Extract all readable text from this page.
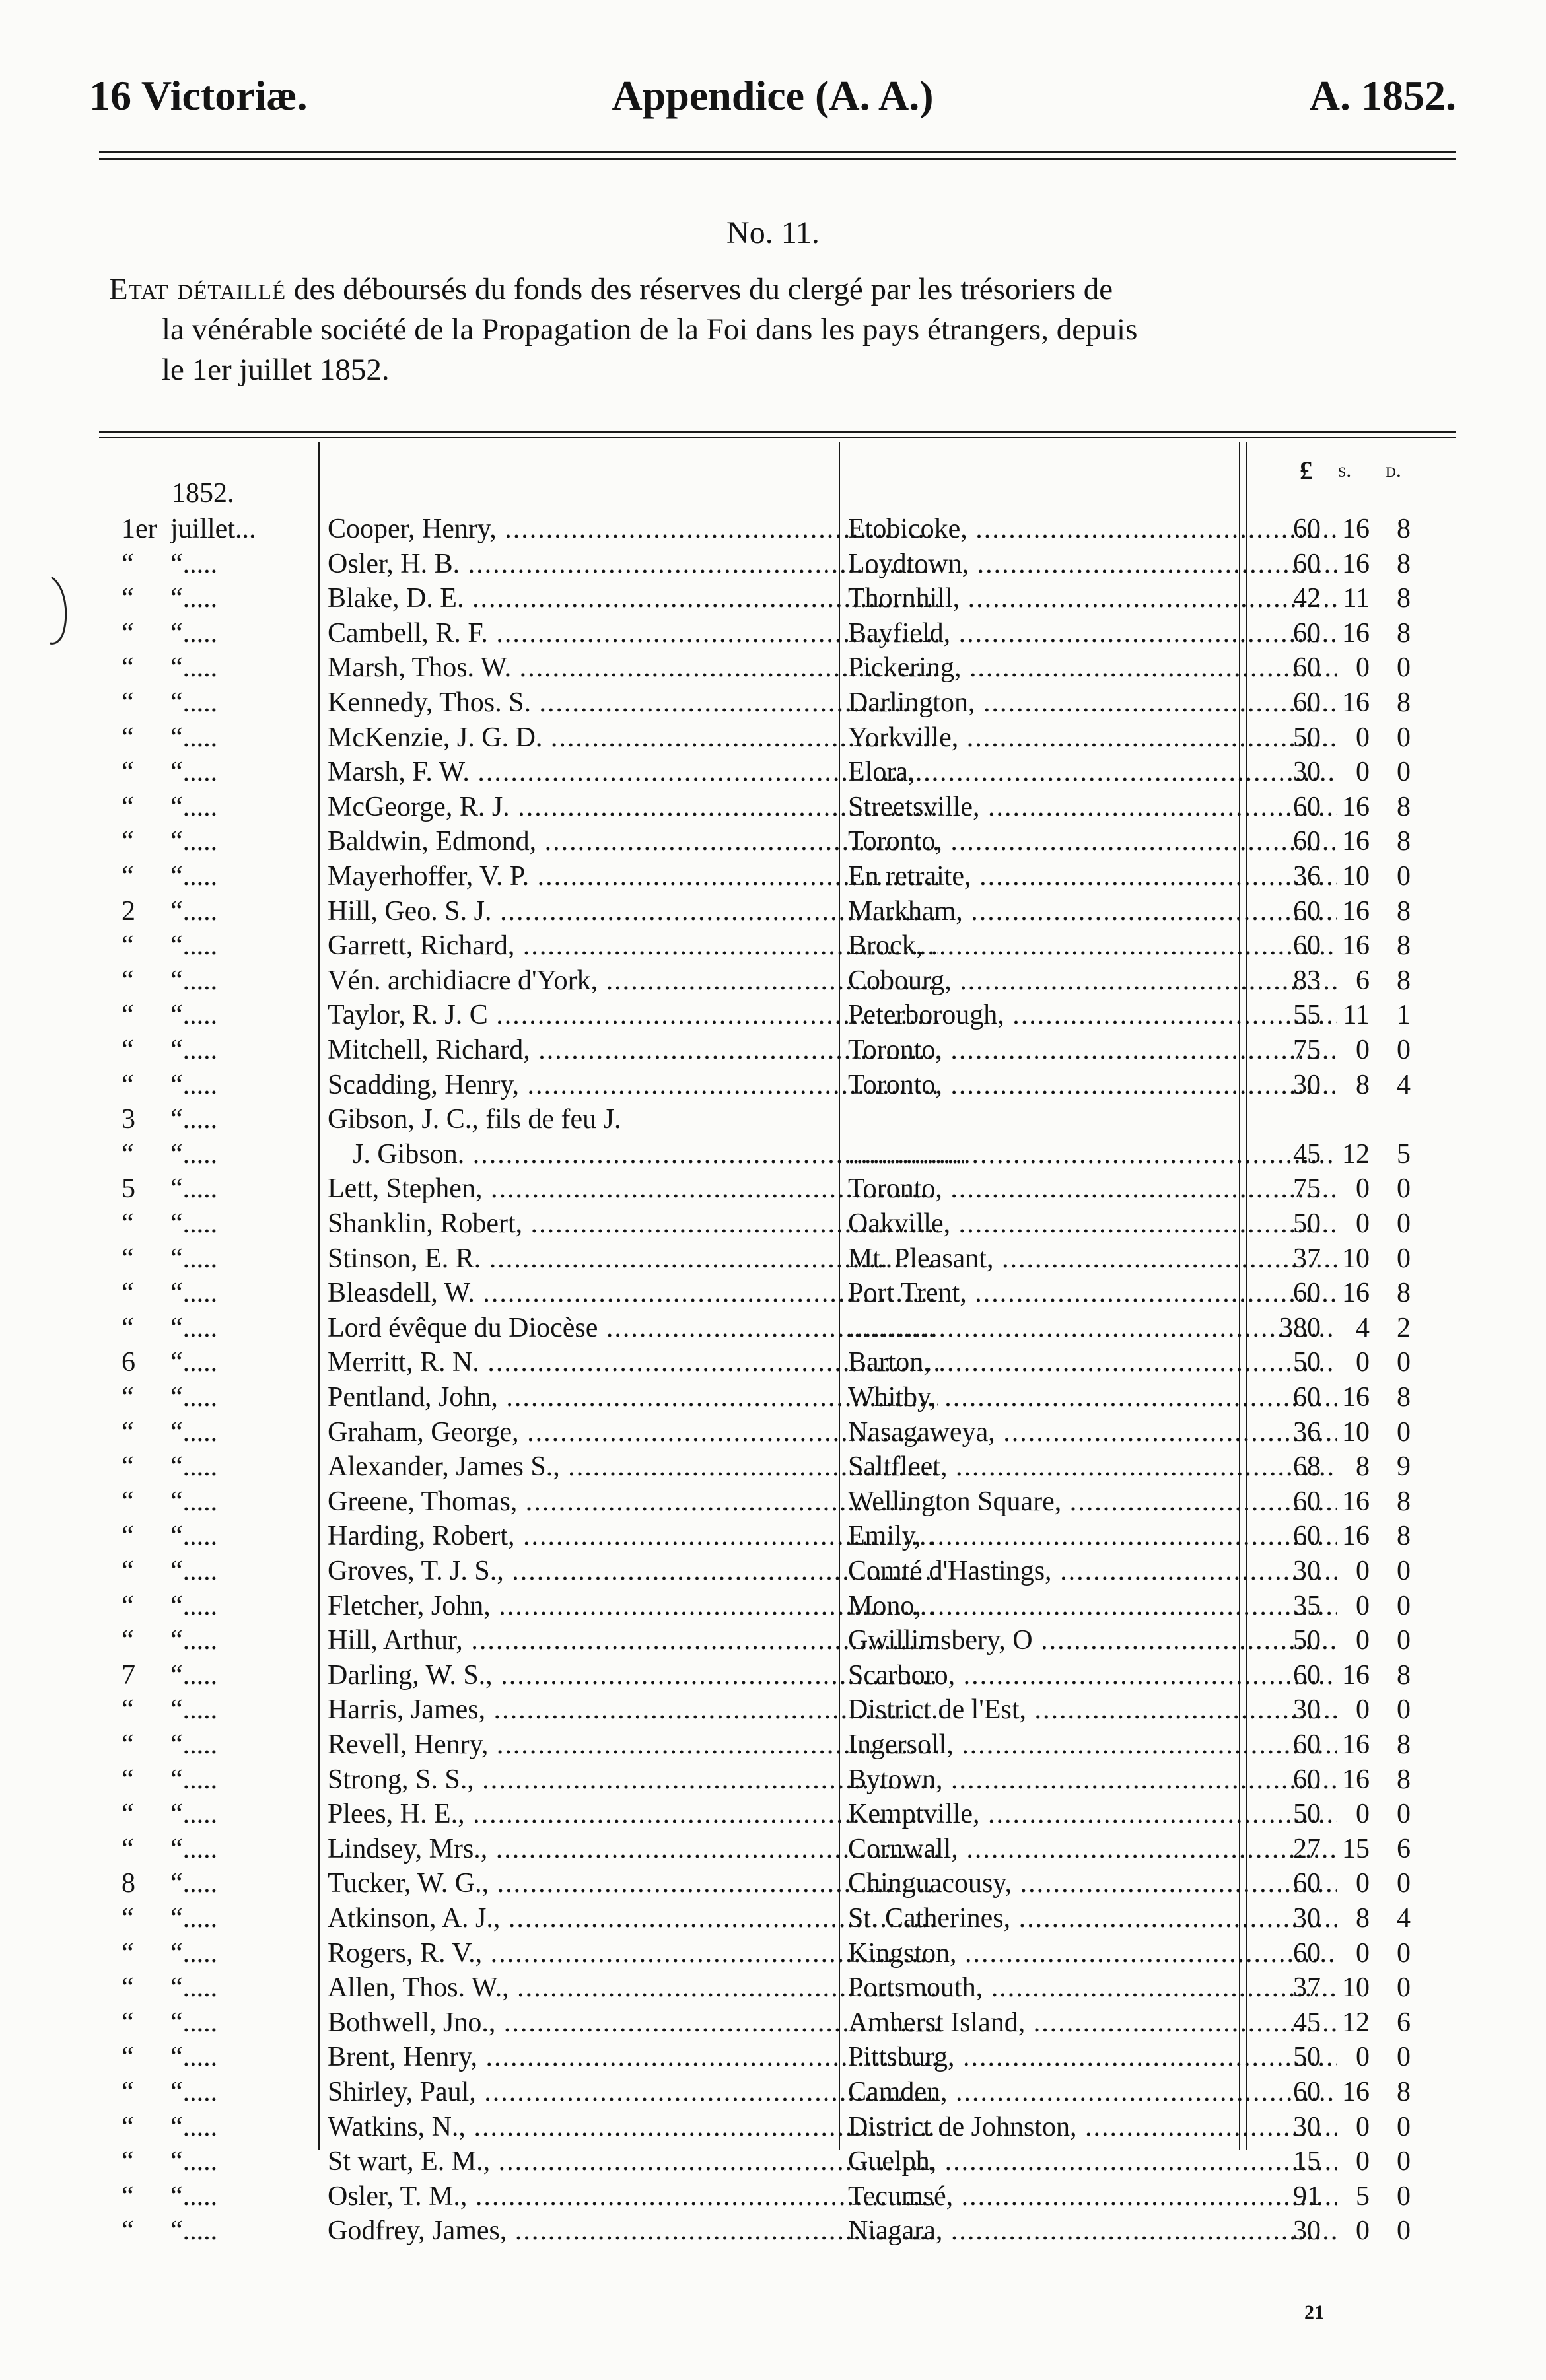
16 Victoriæ.	Appendice (A. A.)	A. 1852.
No. 11.
Etat détaillé des déboursés du fonds des réserves du clergé par les trésoriers de
la vénérable société de la Propagation de la Foi dans les pays étrangers, depuis
le 1er juillet 1852.
1852.
£ s. d.
1er juillet...	Cooper, Henry, .....	Etobicoke, .....	60 16 8
“	“.....	Osler, H. B. .....	Loydtown, .....	60 16 8
“	“.....	Blake, D. E. .....	Thornhill, .....	42 11 8
“	“.....	Cambell, R. F. .....	Bayfield, .....	60 16 8
“	“.....	Marsh, Thos. W. .....	Pickering, .....	60	0 0
“	“.....	Kennedy, Thos. S. .....	Darlington, .....	60 16 8
“	“.....	McKenzie, J. G. D. .....	Yorkville, .....	50	0 0
“	“.....	Marsh, F. W. .....	Elora, .....	30	0 0
“	“.....	McGeorge, R. J. .....	Streetsville, .....	60 16 8
“	“.....	Baldwin, Edmond, .....	Toronto, .....	60 16 8
“	“.....	Mayerhoffer, V. P. .....	En retraite, .....	36 10 0
2	“.....	Hill, Geo. S. J. .....	Markham, .....	60 16 8
“	“.....	Garrett, Richard, .....	Brock, .....	60 16 8
“	“.....	Vén. archidiacre d'York, .....	Cobourg, .....	83	6 8
“	“.....	Taylor, R. J. C .....	Peterborough, .....	55 11 1
“	“.....	Mitchell, Richard, .....	Toronto, .....	75	0 0
“	“.....	Scadding, Henry, .....	Toronto, .....	30	8 4
3	“.....	Gibson, J. C., fils de feu J.
“	“.....	J. Gibson. ..... .....	45 12 5
5	“.....	Lett, Stephen, .....	Toronto, .....	75	0 0
“	“.....	Shanklin, Robert, .....	Oakville, .....	50	0 0
“	“.....	Stinson, E. R. .....	Mt. Pleasant, .....	37 10 0
“	“.....	Bleasdell, W. .....	Port Trent, .....	60 16 8
“	“.....	Lord évêque du Diocèse ..... .....	380	4 2
6	“.....	Merritt, R. N. .....	Barton, .....	50	0 0
“	“.....	Pentland, John, .....	Whitby, .....	60 16 8
“	“.....	Graham, George, .....	Nasagaweya, .....	36 10 0
“	“.....	Alexander, James S., .....	Saltfleet, .....	68	8 9
“	“.....	Greene, Thomas, .....	Wellington Square, .....	60 16 8
“	“.....	Harding, Robert, .....	Emily, .....	60 16 8
“	“.....	Groves, T. J. S., .....	Comté d'Hastings, .....	30	0 0
“	“.....	Fletcher, John, .....	Mono, .....	35	0 0
“	“.....	Hill, Arthur, .....	Gwillimsbery, O .....	50	0 0
7	“.....	Darling, W. S., .....	Scarboro, .....	60 16 8
“	“.....	Harris, James, .....	District de l'Est, .....	30	0 0
“	“.....	Revell, Henry, .....	Ingersoll, .....	60 16 8
“	“.....	Strong, S. S., .....	Bytown, .....	60 16 8
“	“.....	Plees, H. E., .....	Kemptville, .....	50	0 0
“	“.....	Lindsey, Mrs., .....	Cornwall, .....	27 15 6
8	“.....	Tucker, W. G., .....	Chinguacousy, .....	60	0 0
“	“.....	Atkinson, A. J., .....	St. Catherines, .....	30	8 4
“	“.....	Rogers, R. V., .....	Kingston, .....	60	0 0
“	“.....	Allen, Thos. W., .....	Portsmouth, .....	37 10 0
“	“.....	Bothwell, Jno., .....	Amherst Island, .....	45 12 6
“	“.....	Brent, Henry, .....	Pittsburg, .....	50	0 0
“	“.....	Shirley, Paul, .....	Camden, .....	60 16 8
“	“.....	Watkins, N., .....	District de Johnston, .....	30	0 0
“	“.....	St wart, E. M., .....	Guelph, .....	15	0 0
“	“.....	Osler, T. M., .....	Tecumsé, .....	91	5 0
“	“.....	Godfrey, James, .....	Niagara, .....	30	0 0
21
